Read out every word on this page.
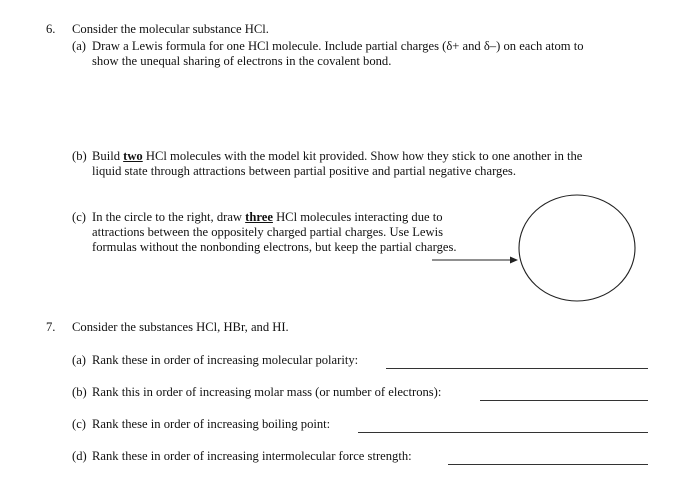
6. Consider the molecular substance HCl.
(a) Draw a Lewis formula for one HCl molecule. Include partial charges (δ+ and δ–) on each atom to
show the unequal sharing of electrons in the covalent bond.
(b) Build two HCl molecules with the model kit provided. Show how they stick to one another in the
liquid state through attractions between partial positive and partial negative charges.
(c) In the circle to the right, draw three HCl molecules interacting due to
attractions between the oppositely charged partial charges. Use Lewis
formulas without the nonbonding electrons, but keep the partial charges.
7. Consider the substances HCl, HBr, and HI.
(a) Rank these in order of increasing molecular polarity:
(b) Rank this in order of increasing molar mass (or number of electrons):
(c) Rank these in order of increasing boiling point:
(d) Rank these in order of increasing intermolecular force strength:
